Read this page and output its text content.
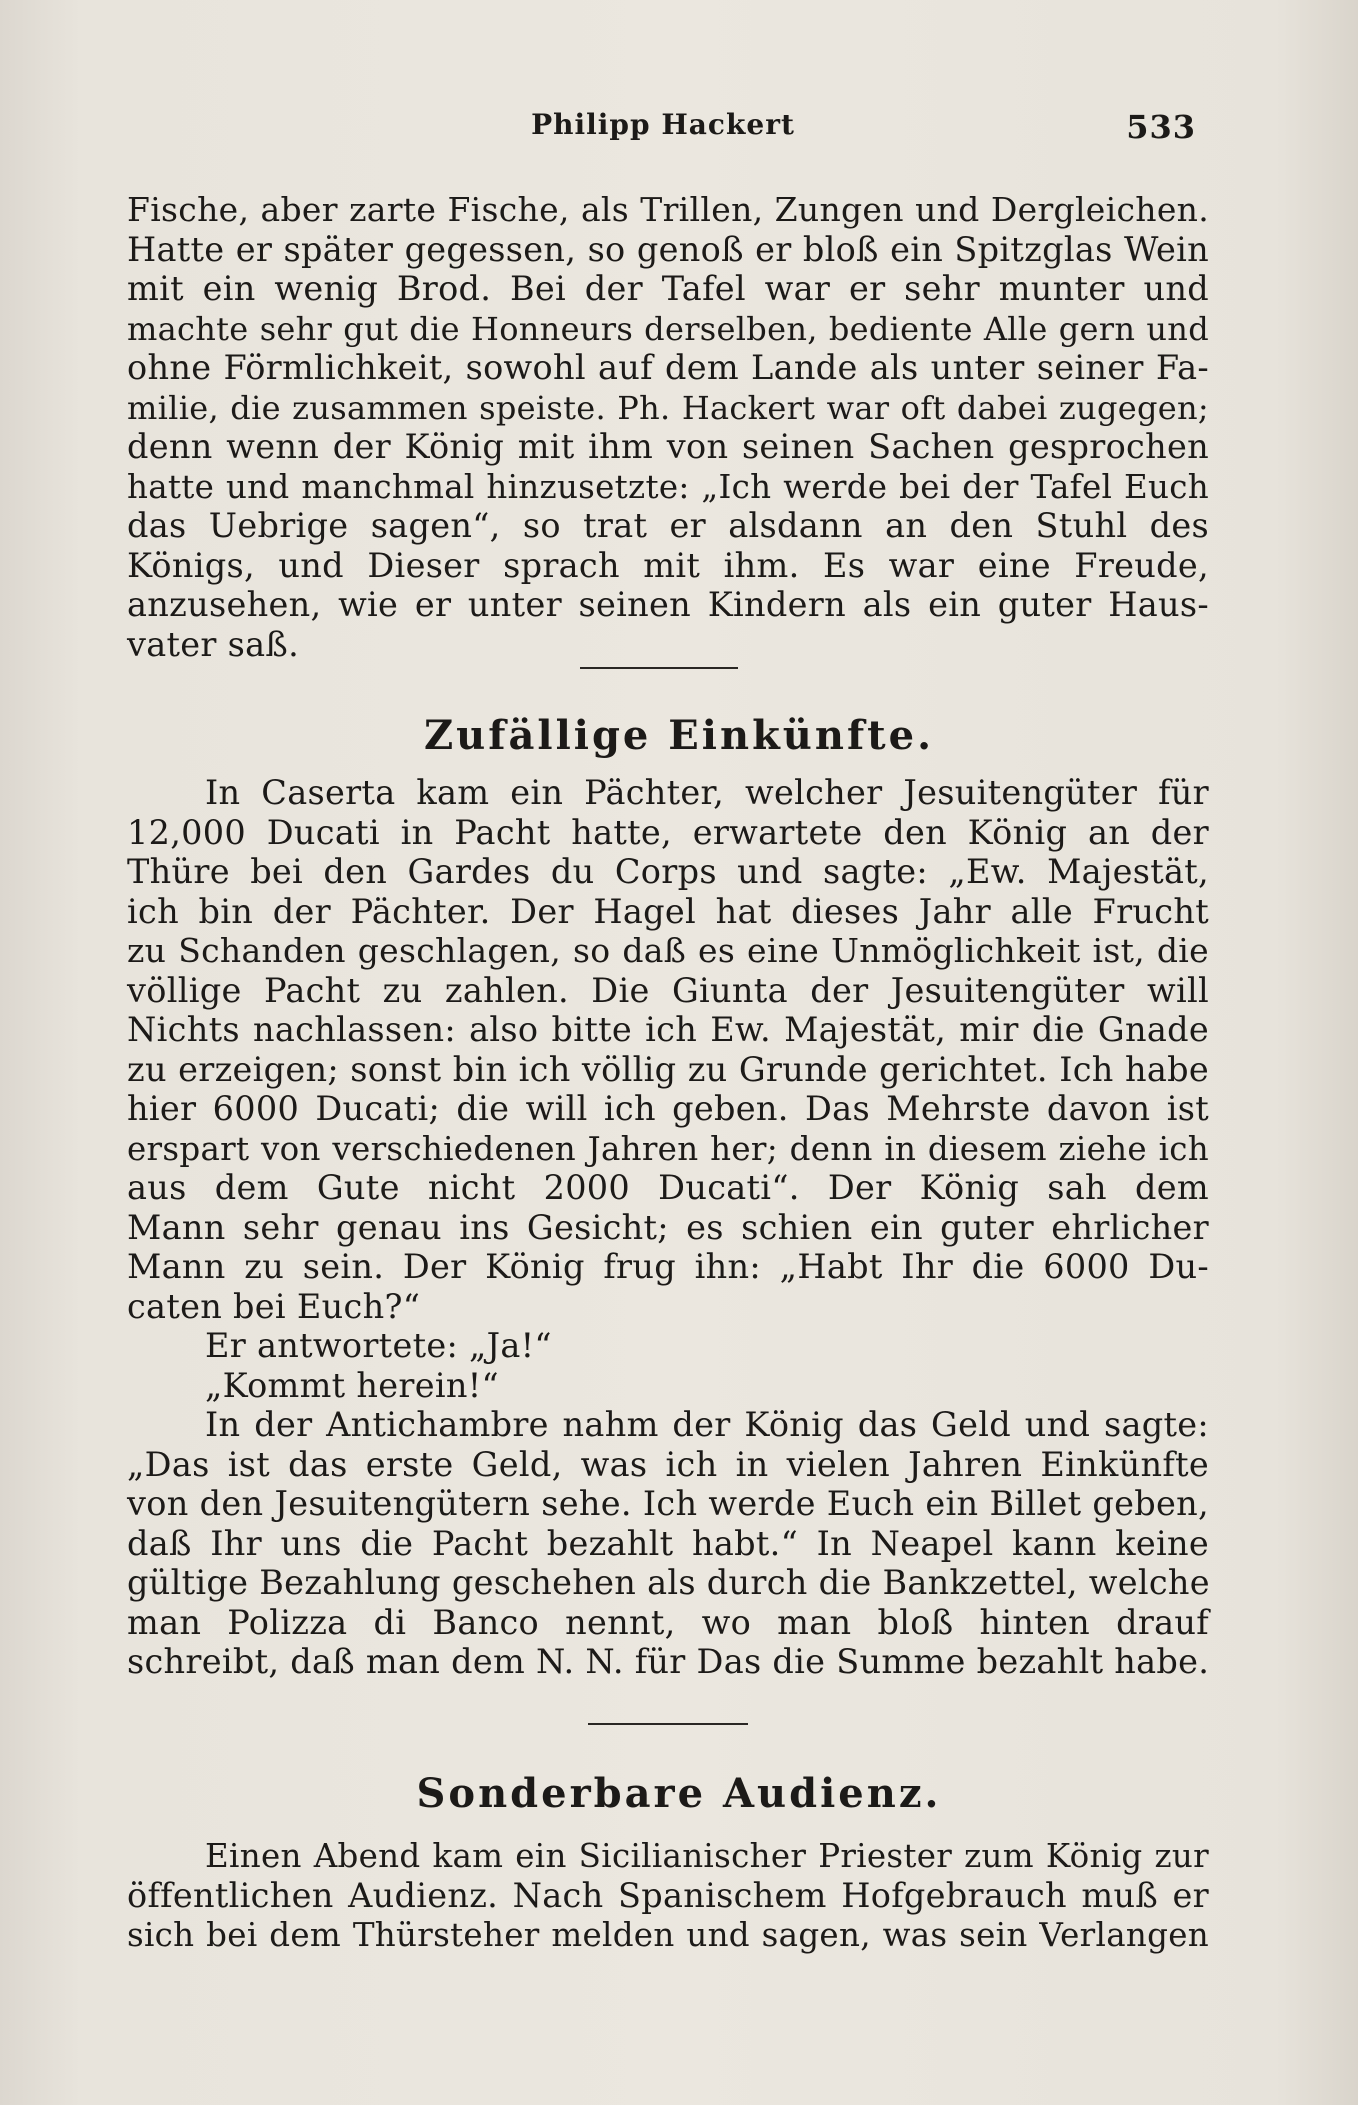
Philipp Hackert	533
Fische, aber zarte Fische, als Trillen, Zungen und Dergleichen.
Hatte er später gegessen, so genoß er bloß ein Spitzglas Wein
mit ein wenig Brod. Bei der Tafel war er sehr munter und
machte sehr gut die Honneurs derselben, bediente Alle gern und
ohne Förmlichkeit, sowohl auf dem Lande als unter seiner Fa-
milie, die zusammen speiste. Ph. Hackert war oft dabei zugegen;
denn wenn der König mit ihm von seinen Sachen gesprochen
hatte und manchmal hinzusetzte: „Ich werde bei der Tafel Euch
das Uebrige sagen“, so trat er alsdann an den Stuhl des
Königs, und Dieser sprach mit ihm. Es war eine Freude,
anzusehen, wie er unter seinen Kindern als ein guter Haus-
vater saß.
Zufällige Einkünfte.
In Caserta kam ein Pächter, welcher Jesuitengüter für
12,000 Ducati in Pacht hatte, erwartete den König an der
Thüre bei den Gardes du Corps und sagte: „Ew. Majestät,
ich bin der Pächter. Der Hagel hat dieses Jahr alle Frucht
zu Schanden geschlagen, so daß es eine Unmöglichkeit ist, die
völlige Pacht zu zahlen. Die Giunta der Jesuitengüter will
Nichts nachlassen: also bitte ich Ew. Majestät, mir die Gnade
zu erzeigen; sonst bin ich völlig zu Grunde gerichtet. Ich habe
hier 6000 Ducati; die will ich geben. Das Mehrste davon ist
erspart von verschiedenen Jahren her; denn in diesem ziehe ich
aus dem Gute nicht 2000 Ducati“. Der König sah dem
Mann sehr genau ins Gesicht; es schien ein guter ehrlicher
Mann zu sein. Der König frug ihn: „Habt Ihr die 6000 Du-
caten bei Euch?“
Er antwortete: „Ja!“
„Kommt herein!“
In der Antichambre nahm der König das Geld und sagte:
„Das ist das erste Geld, was ich in vielen Jahren Einkünfte
von den Jesuitengütern sehe. Ich werde Euch ein Billet geben,
daß Ihr uns die Pacht bezahlt habt.“ In Neapel kann keine
gültige Bezahlung geschehen als durch die Bankzettel, welche
man Polizza di Banco nennt, wo man bloß hinten drauf
schreibt, daß man dem N. N. für Das die Summe bezahlt habe.
Sonderbare Audienz.
Einen Abend kam ein Sicilianischer Priester zum König zur
öffentlichen Audienz. Nach Spanischem Hofgebrauch muß er
sich bei dem Thürsteher melden und sagen, was sein Verlangen
